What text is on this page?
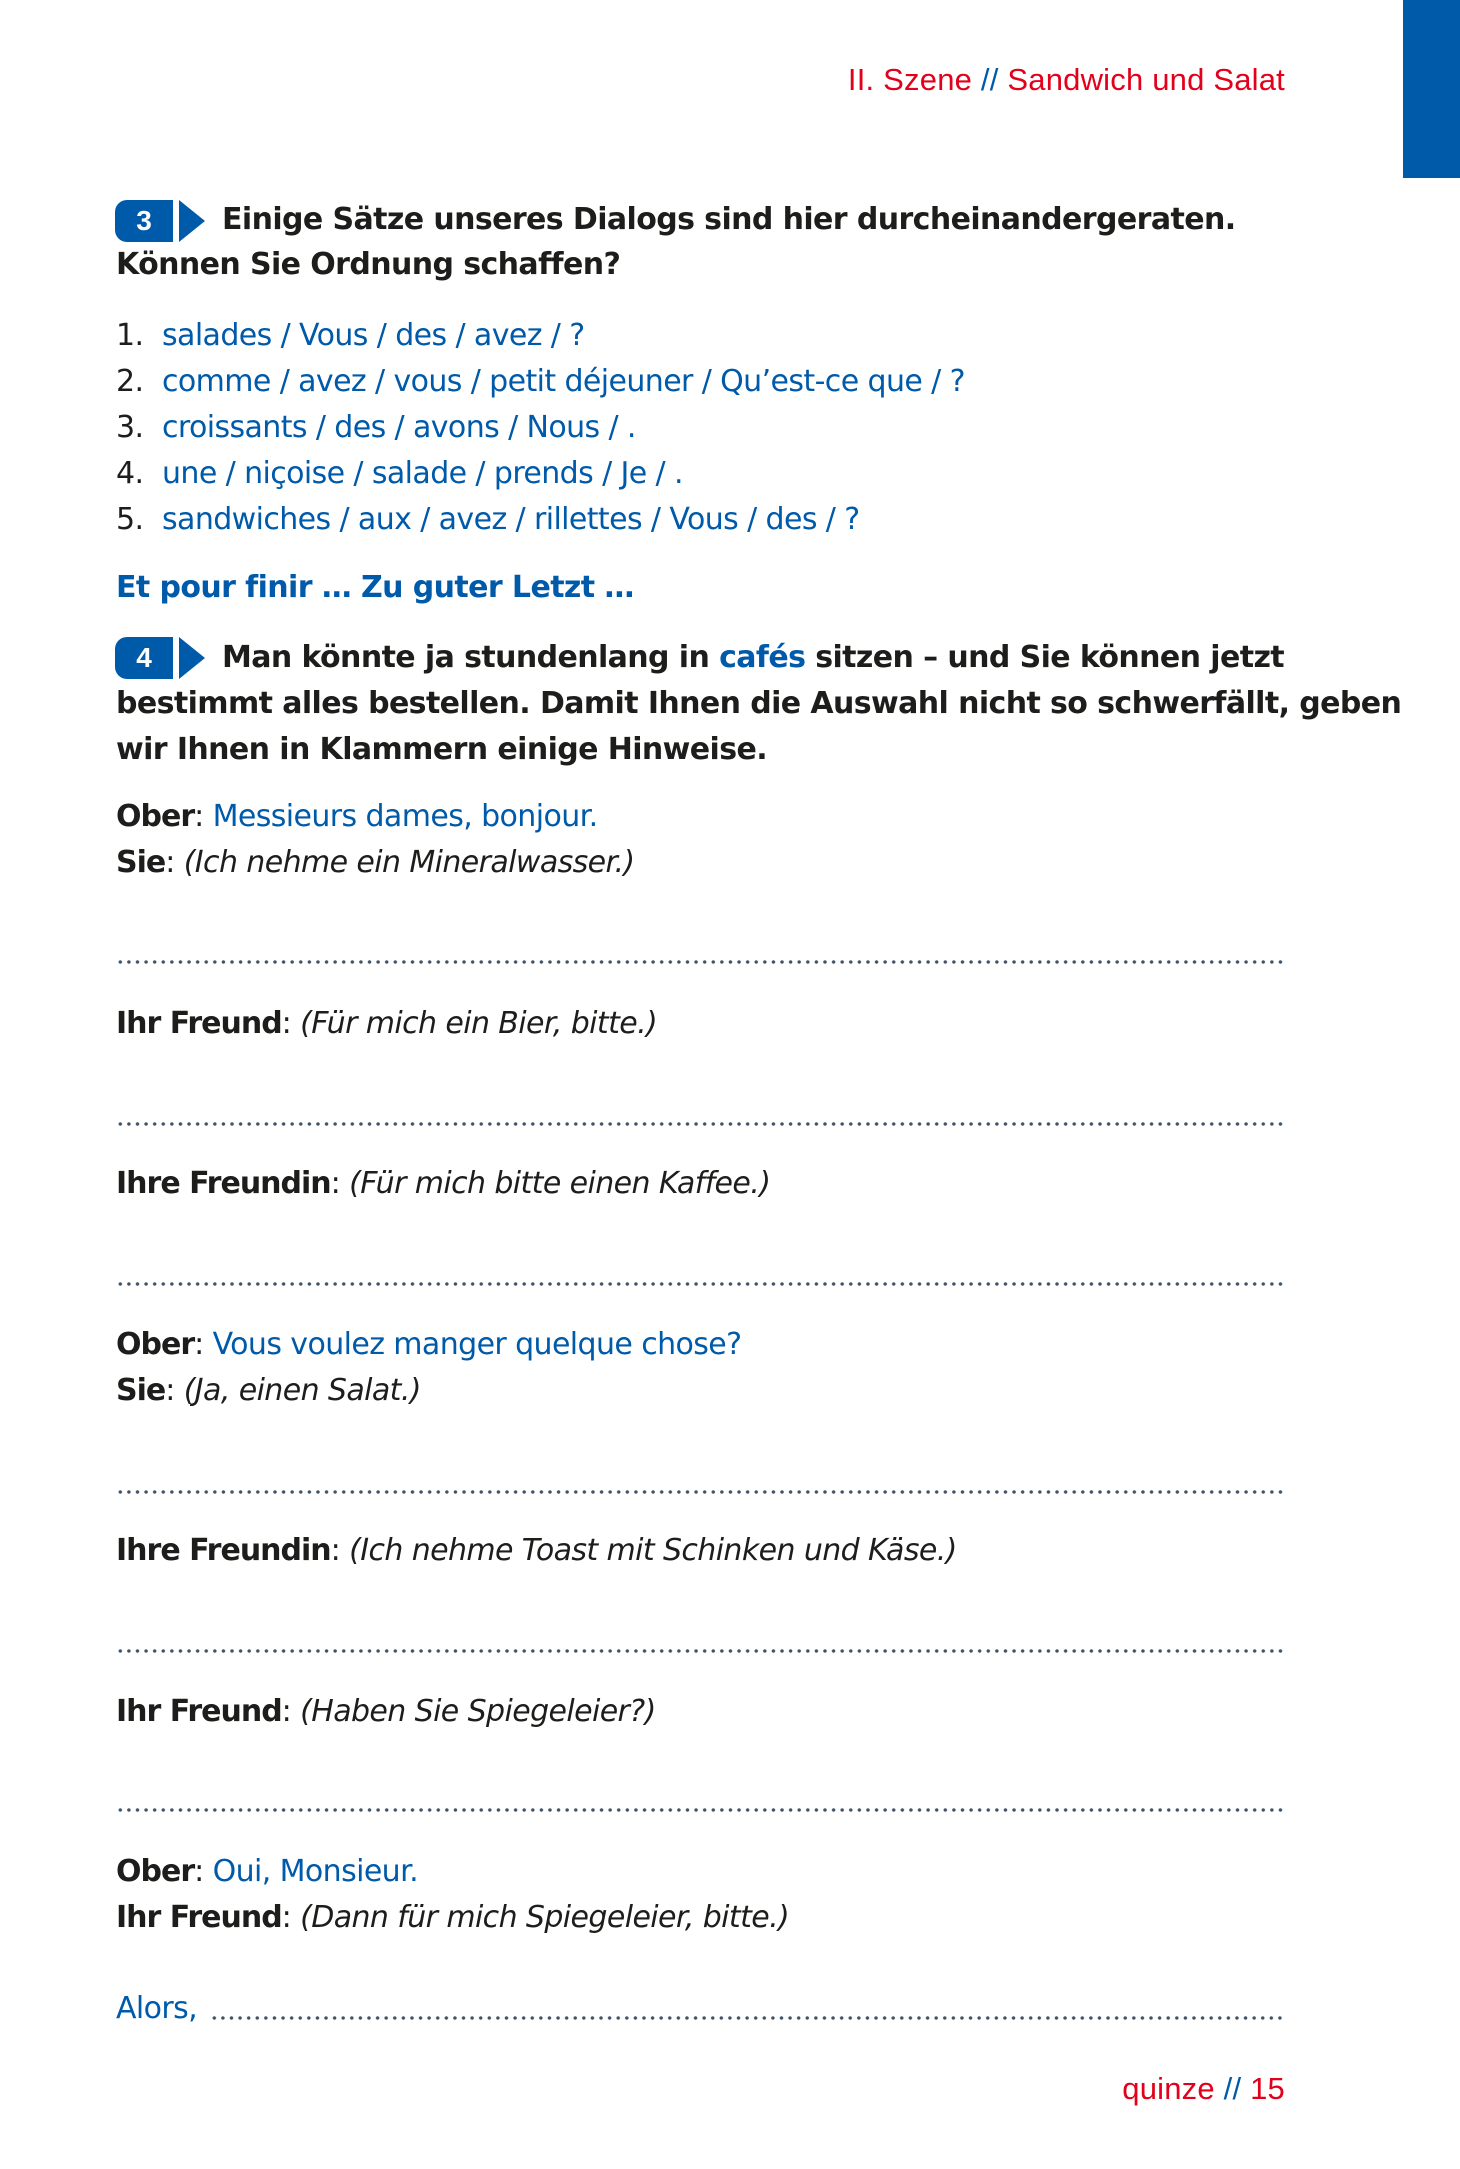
II. Szene // Sandwich und Salat
3 Einige Sätze unseres Dialogs sind hier durcheinandergeraten.
Können Sie Ordnung schaffen?
1. salades / Vous / des / avez / ?
2. comme / avez / vous / petit déjeuner / Qu’est-ce que / ?
3. croissants / des / avons / Nous / .
4. une / niçoise / salade / prends / Je / .
5. sandwiches / aux / avez / rillettes / Vous / des / ?
Et pour finir … Zu guter Letzt …
4 Man könnte ja stundenlang in cafés sitzen – und Sie können jetzt
bestimmt alles bestellen. Damit Ihnen die Auswahl nicht so schwerfällt, geben
wir Ihnen in Klammern einige Hinweise.
Ober: Messieurs dames, bonjour.
Sie: (Ich nehme ein Mineralwasser.)
Ihr Freund: (Für mich ein Bier, bitte.)
Ihre Freundin: (Für mich bitte einen Kaffee.)
Ober: Vous voulez manger quelque chose?
Sie: (Ja, einen Salat.)
Ihre Freundin: (Ich nehme Toast mit Schinken und Käse.)
Ihr Freund: (Haben Sie Spiegeleier?)
Ober: Oui, Monsieur.
Ihr Freund: (Dann für mich Spiegeleier, bitte.)
Alors,
quinze // 15
